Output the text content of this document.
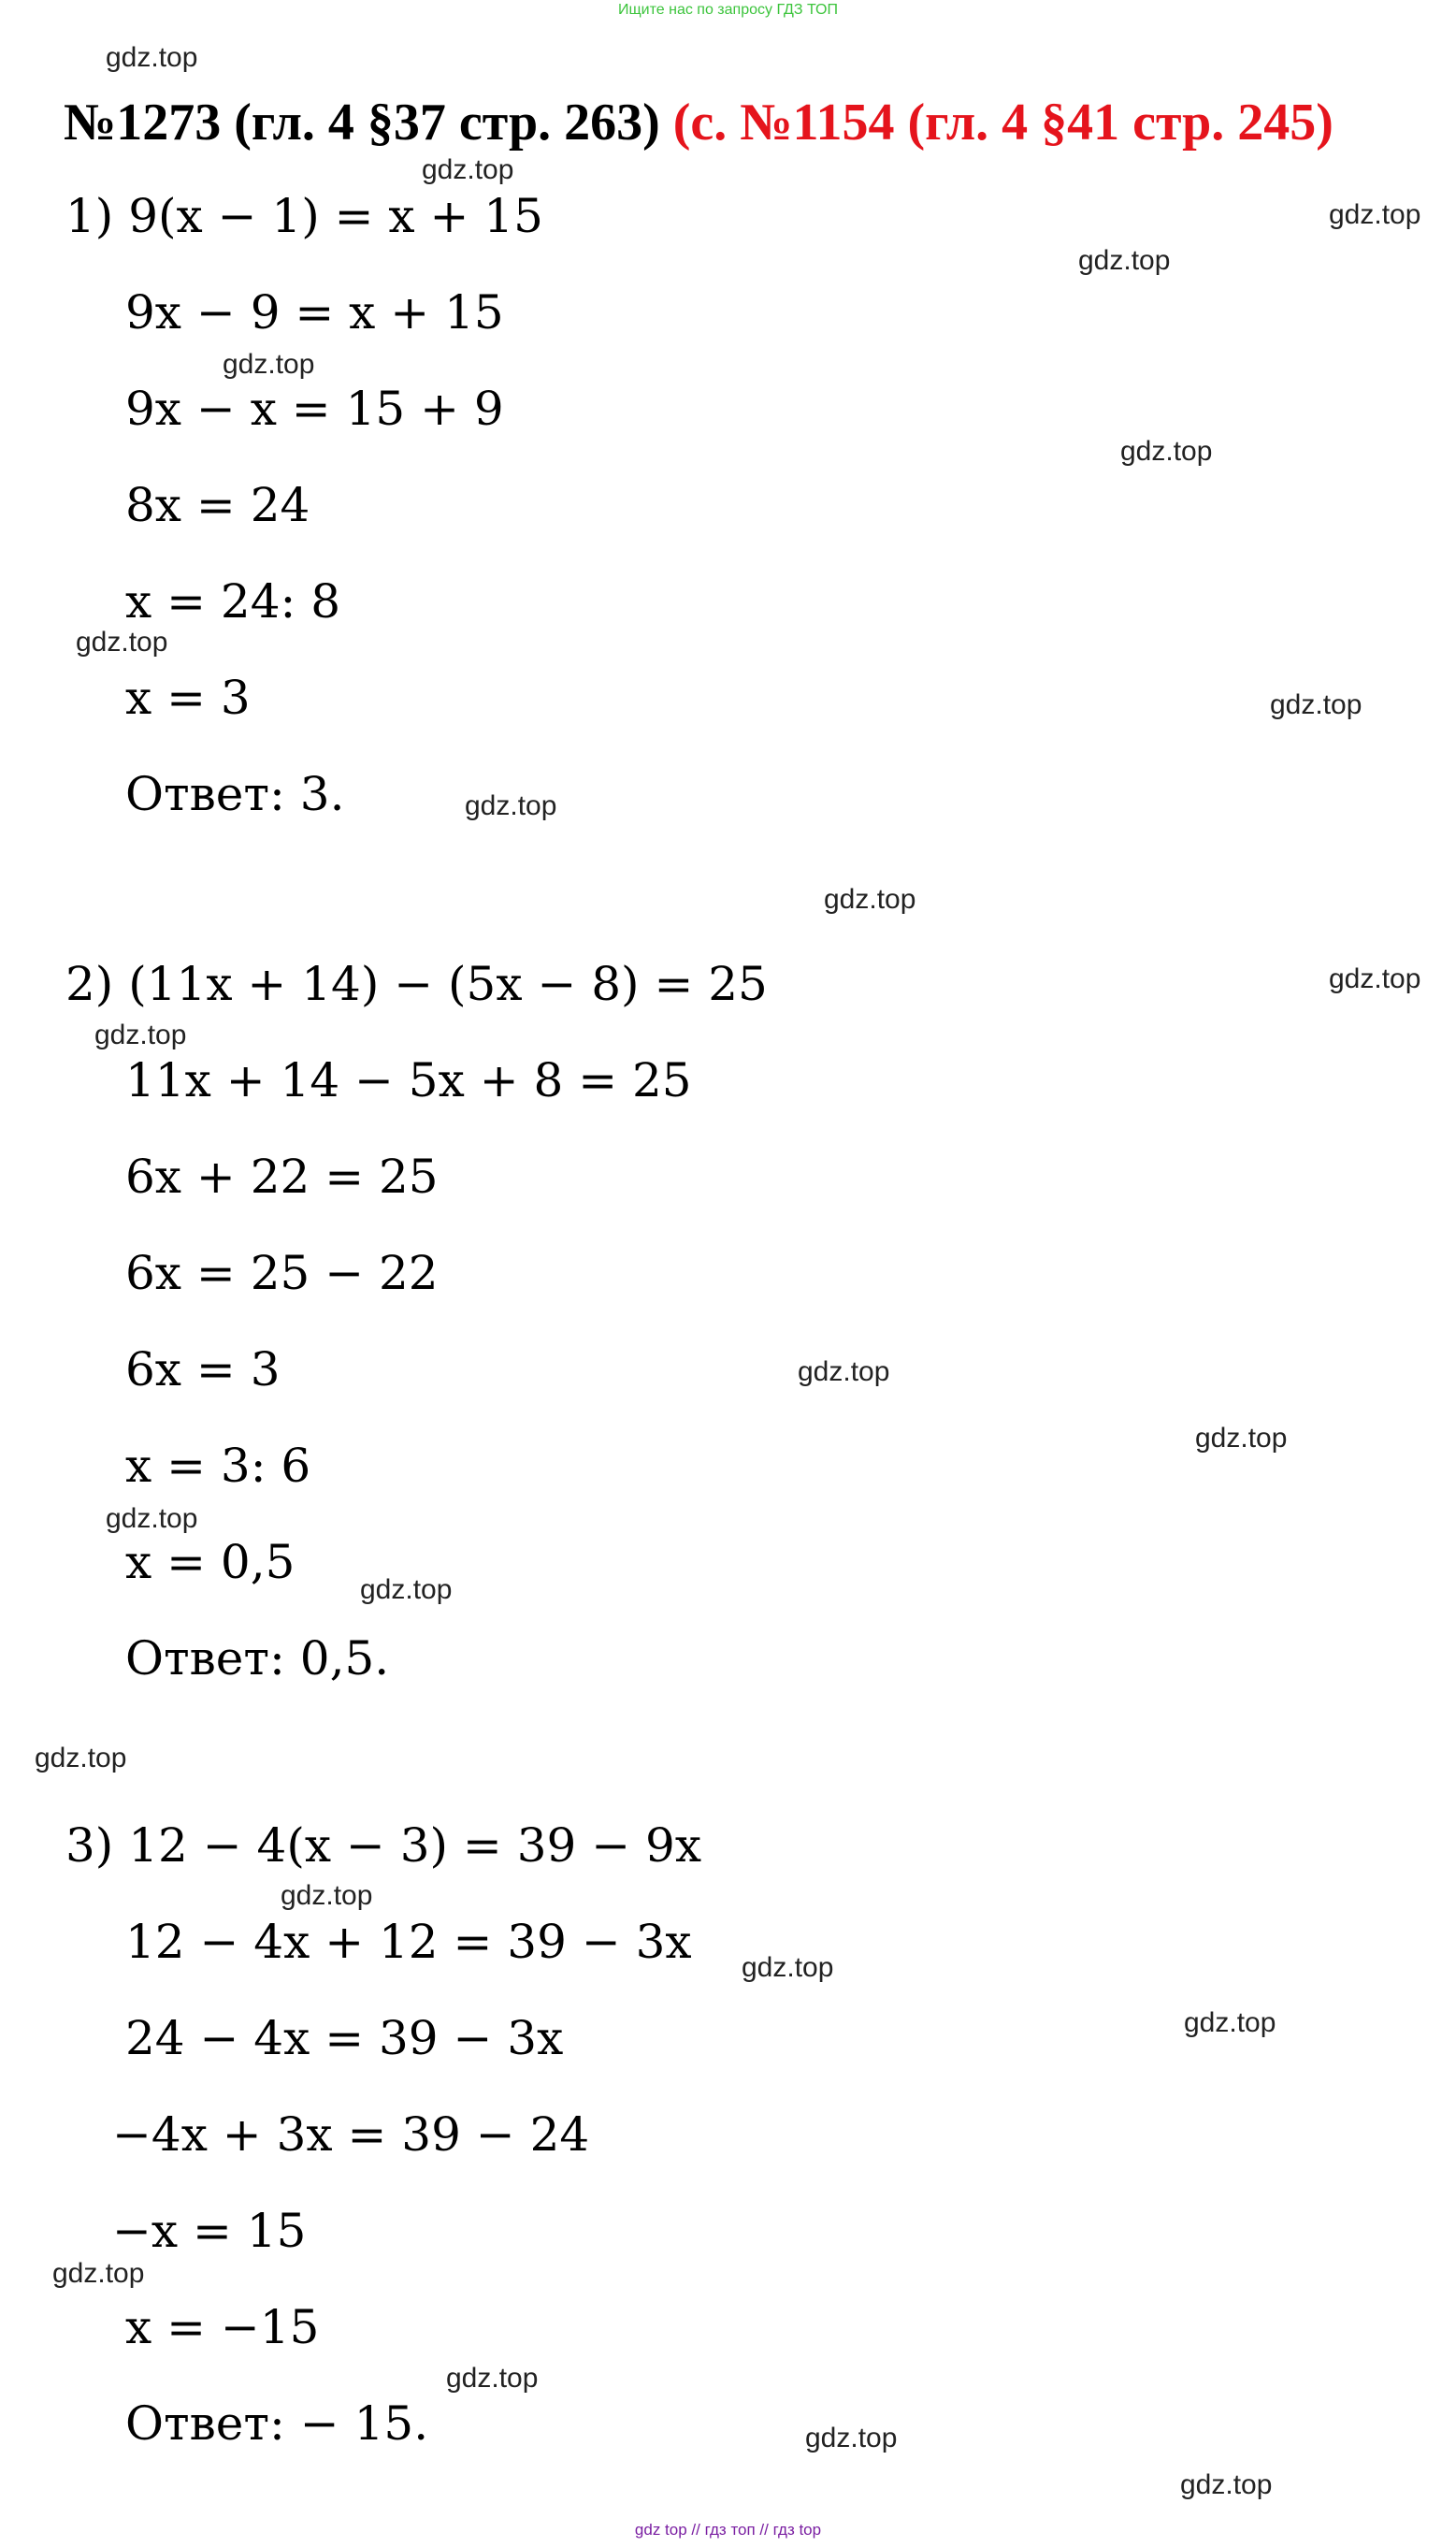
Ищите нас по запросу ГДЗ ТОП
№1273 (гл. 4 §37 стр. 263) (с. №1154 (гл. 4 §41 стр. 245)
1) 9(x − 1) = x + 15
9x − 9 = x + 15
9x − x = 15 + 9
8x = 24
x = 24: 8
x = 3
Ответ: 3.
2) (11x + 14) − (5x − 8) = 25
11x + 14 − 5x + 8 = 25
6x + 22 = 25
6x = 25 − 22
6x = 3
x = 3: 6
x = 0,5
Ответ: 0,5.
3) 12 − 4(x − 3) = 39 − 9x
12 − 4x + 12 = 39 − 3x
24 − 4x = 39 − 3x
−4x + 3x = 39 − 24
−x = 15
x = −15
Ответ: − 15.
gdz.top
gdz.top
gdz.top
gdz.top
gdz.top
gdz.top
gdz.top
gdz.top
gdz.top
gdz.top
gdz.top
gdz.top
gdz.top
gdz.top
gdz.top
gdz.top
gdz.top
gdz.top
gdz.top
gdz.top
gdz.top
gdz.top
gdz.top
gdz.top
gdz top // гдз топ // гдз top
